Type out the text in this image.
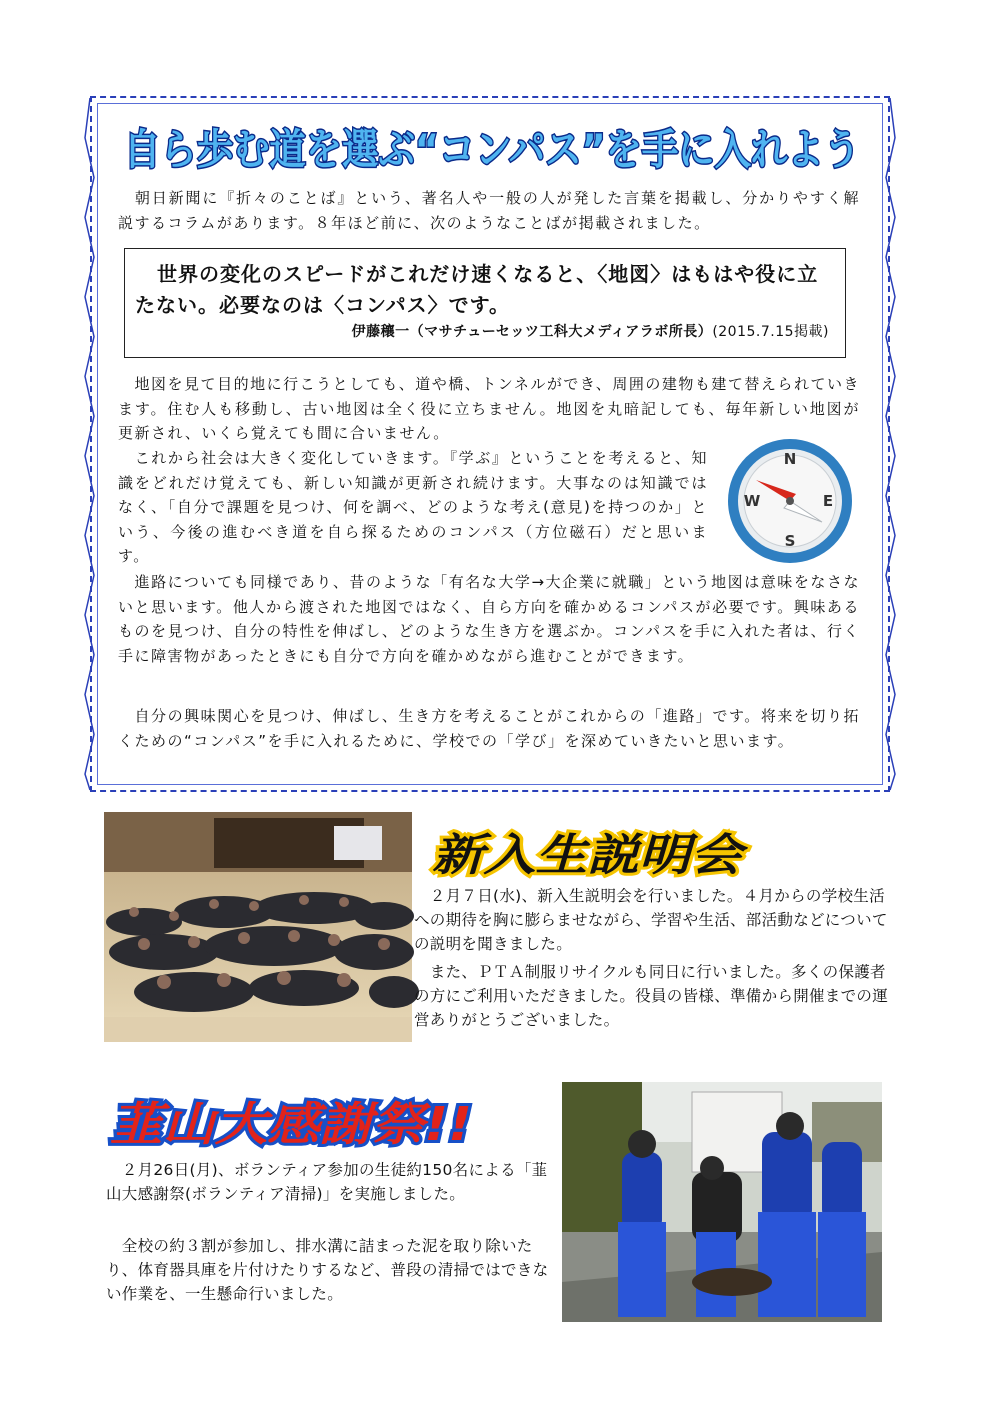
自ら歩む道を選ぶ“コンパス”を手に入れよう

　朝日新聞に『折々のことば』という、著名人や一般の人が発した言葉を掲載し、分かりやすく解説するコラムがあります。８年ほど前に、次のようなことばが掲載されました。

世界の変化のスピードがこれだけ速くなると、〈地図〉はもはや役に立たない。必要なのは〈コンパス〉です。

伊藤穰一（マサチューセッツ工科大メディアラボ所長）(2015.7.15掲載)

　地図を見て目的地に行こうとしても、道や橋、トンネルができ、周囲の建物も建て替えられていきます。住む人も移動し、古い地図は全く役に立ちません。地図を丸暗記しても、毎年新しい地図が更新され、いくら覚えても間に合いません。

　これから社会は大きく変化していきます。『学ぶ』ということを考えると、知識をどれだけ覚えても、新しい知識が更新され続けます。大事なのは知識ではなく、「自分で課題を見つけ、何を調べ、どのような考え(意見)を持つのか」という、今後の進むべき道を自ら探るためのコンパス（方位磁石）だと思います。

N
S
E
W

　進路についても同様であり、昔のような「有名な大学→大企業に就職」という地図は意味をなさないと思います。他人から渡された地図ではなく、自ら方向を確かめるコンパスが必要です。興味あるものを見つけ、自分の特性を伸ばし、どのような生き方を選ぶか。コンパスを手に入れた者は、行く手に障害物があったときにも自分で方向を確かめながら進むことができます。

　自分の興味関心を見つけ、伸ばし、生き方を考えることがこれからの「進路」です。将来を切り拓くための“コンパス”を手に入れるために、学校での「学び」を深めていきたいと思います。

新入生説明会

　２月７日(水)、新入生説明会を行いました。４月からの学校生活への期待を胸に膨らませながら、学習や生活、部活動などについての説明を聞きました。

　また、ＰＴＡ制服リサイクルも同日に行いました。多くの保護者の方にご利用いただきました。役員の皆様、準備から開催までの運営ありがとうございました。

韮山大感謝祭!!

　２月26日(月)、ボランティア参加の生徒約150名による「韮山大感謝祭(ボランティア清掃)」を実施しました。

　全校の約３割が参加し、排水溝に詰まった泥を取り除いたり、体育器具庫を片付けたりするなど、普段の清掃ではできない作業を、一生懸命行いました。
